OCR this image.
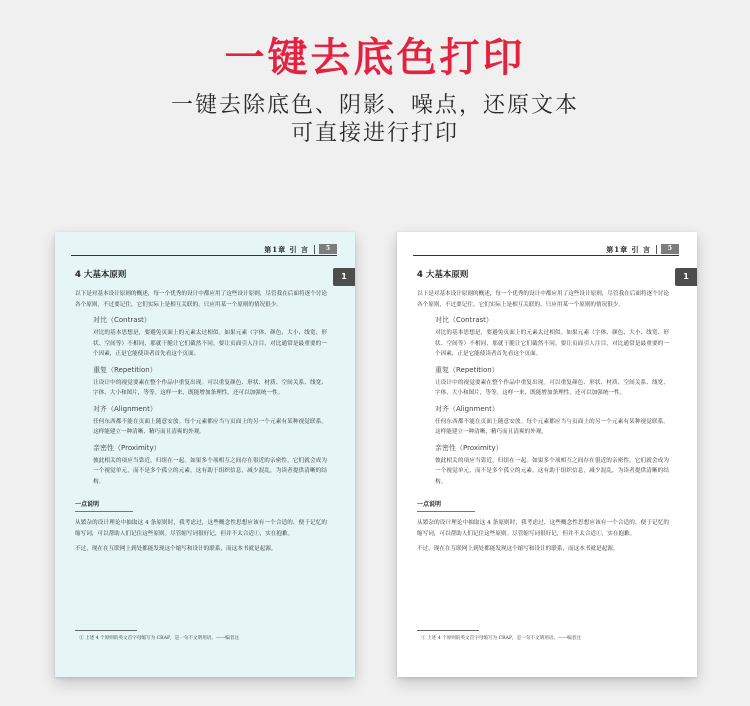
一键去底色打印
一键去除底色、阴影、噪点，还原文本
可直接进行打印
第1章 引 言	5
1
4 大基本原则
以下是对基本设计原则的概述，每一个优秀的设计中都应用了这些设计原则，尽管我在后面将逐个讨论各个原则，不过要记住，它们实际上是相互关联的，只应用某一个原则的情况很少。
对比（Contrast）
对比的基本思想是，要避免页面上的元素太过相似。如果元素（字体、颜色、大小、线宽、形状、空间等）不相同，那就干脆让它们截然不同。要让页面引人注目，对比通常是最重要的一个因素，正是它能使读者首先看这个页面。
重复（Repetition）
让设计中的视觉要素在整个作品中重复出现。可以重复颜色、形状、材质、空间关系、线宽、字体、大小和图片，等等。这样一来，既能增加条理性，还可以加强统一性。
对齐（Alignment）
任何东西都不能在页面上随意安放。每个元素都应当与页面上的另一个元素有某种视觉联系。这样能建立一种清晰、精巧而且清爽的外观。
亲密性（Proximity）
彼此相关的项应当靠近，归组在一起。如果多个项相互之间存在很近的亲密性，它们就会成为一个视觉单元，而不是多个孤立的元素。这有助于组织信息，减少混乱，为读者提供清晰的结构。
一点说明
从繁杂的设计理论中抽取这 4 条原则时，我考虑过，这些概念性思想应该有一个合适的、便于记忆的缩写词，可以帮助人们记住这些原则。尽管缩写词很好记，但并不太合适①，实在抱歉。
不过，现在在互联网上到处都能发现这个缩写和设计的联系，而这本书就是起源。
① 上述 4 个原则的英文首字母缩写为 CRAP，是一句不文明用语。——编者注
第1章 引 言	5
1
4 大基本原则
以下是对基本设计原则的概述，每一个优秀的设计中都应用了这些设计原则，尽管我在后面将逐个讨论各个原则，不过要记住，它们实际上是相互关联的，只应用某一个原则的情况很少。
对比（Contrast）
对比的基本思想是，要避免页面上的元素太过相似。如果元素（字体、颜色、大小、线宽、形状、空间等）不相同，那就干脆让它们截然不同。要让页面引人注目，对比通常是最重要的一个因素，正是它能使读者首先看这个页面。
重复（Repetition）
让设计中的视觉要素在整个作品中重复出现。可以重复颜色、形状、材质、空间关系、线宽、字体、大小和图片，等等。这样一来，既能增加条理性，还可以加强统一性。
对齐（Alignment）
任何东西都不能在页面上随意安放。每个元素都应当与页面上的另一个元素有某种视觉联系。这样能建立一种清晰、精巧而且清爽的外观。
亲密性（Proximity）
彼此相关的项应当靠近，归组在一起。如果多个项相互之间存在很近的亲密性，它们就会成为一个视觉单元，而不是多个孤立的元素。这有助于组织信息，减少混乱，为读者提供清晰的结构。
一点说明
从繁杂的设计理论中抽取这 4 条原则时，我考虑过，这些概念性思想应该有一个合适的、便于记忆的缩写词，可以帮助人们记住这些原则。尽管缩写词很好记，但并不太合适①，实在抱歉。
不过，现在在互联网上到处都能发现这个缩写和设计的联系，而这本书就是起源。
① 上述 4 个原则的英文首字母缩写为 CRAP，是一句不文明用语。——编者注
